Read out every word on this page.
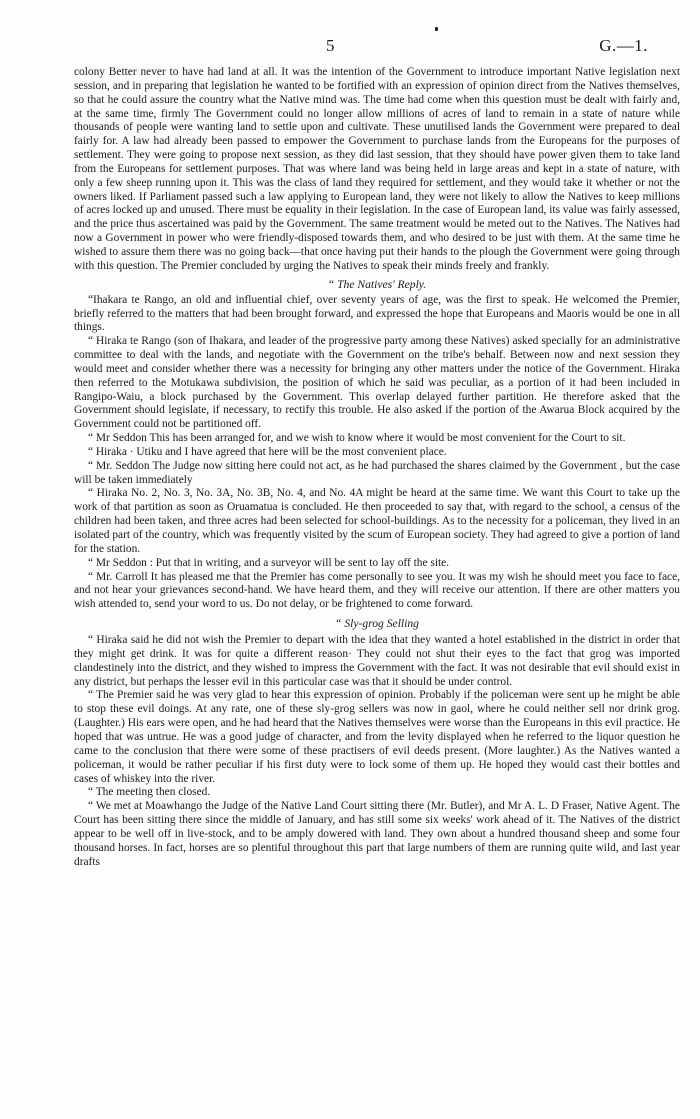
5	G.—1.

colony Better never to have had land at all. It was the intention of the Government to introduce important Native legislation next session, and in preparing that legislation he wanted to be fortified with an expression of opinion direct from the Natives themselves, so that he could assure the country what the Native mind was. The time had come when this question must be dealt with fairly and, at the same time, firmly The Government could no longer allow millions of acres of land to remain in a state of nature while thousands of people were wanting land to settle upon and cultivate. These unutilised lands the Government were prepared to deal fairly for. A law had already been passed to empower the Government to purchase lands from the Europeans for the purposes of settlement. They were going to propose next session, as they did last session, that they should have power given them to take land from the Europeans for settlement purposes. That was where land was being held in large areas and kept in a state of nature, with only a few sheep running upon it. This was the class of land they required for settlement, and they would take it whether or not the owners liked. If Parliament passed such a law applying to European land, they were not likely to allow the Natives to keep millions of acres locked up and unused. There must be equality in their legislation. In the case of European land, its value was fairly assessed, and the price thus ascertained was paid by the Government. The same treatment would be meted out to the Natives. The Natives had now a Government in power who were friendly-disposed towards them, and who desired to be just with them. At the same time he wished to assure them there was no going back—that once having put their hands to the plough the Government were going through with this question. The Premier concluded by urging the Natives to speak their minds freely and frankly.

“ The Natives' Reply.

“Ihakara te Rango, an old and influential chief, over seventy years of age, was the first to speak. He welcomed the Premier, briefly referred to the matters that had been brought forward, and expressed the hope that Europeans and Maoris would be one in all things.

“ Hiraka te Rango (son of Ihakara, and leader of the progressive party among these Natives) asked specially for an administrative committee to deal with the lands, and negotiate with the Government on the tribe's behalf. Between now and next session they would meet and consider whether there was a necessity for bringing any other matters under the notice of the Government. Hiraka then referred to the Motukawa subdivision, the position of which he said was peculiar, as a portion of it had been included in Rangipo-Waiu, a block purchased by the Government. This overlap delayed further partition. He therefore asked that the Government should legislate, if necessary, to rectify this trouble. He also asked if the portion of the Awarua Block acquired by the Government could not be partitioned off.

“ Mr Seddon This has been arranged for, and we wish to know where it would be most convenient for the Court to sit.

“ Hiraka · Utiku and I have agreed that here will be the most convenient place.

“ Mr. Seddon The Judge now sitting here could not act, as he had purchased the shares claimed by the Government , but the case will be taken immediately

“ Hiraka No. 2, No. 3, No. 3A, No. 3B, No. 4, and No. 4A might be heard at the same time. We want this Court to take up the work of that partition as soon as Oruamatua is concluded. He then proceeded to say that, with regard to the school, a census of the children had been taken, and three acres had been selected for school-buildings. As to the necessity for a policeman, they lived in an isolated part of the country, which was frequently visited by the scum of European society. They had agreed to give a portion of land for the station.

“ Mr Seddon : Put that in writing, and a surveyor will be sent to lay off the site.

“ Mr. Carroll It has pleased me that the Premier has come personally to see you. It was my wish he should meet you face to face, and not hear your grievances second-hand. We have heard them, and they will receive our attention. If there are other matters you wish attended to, send your word to us. Do not delay, or be frightened to come forward.

“ Sly-grog Selling

“ Hiraka said he did not wish the Premier to depart with the idea that they wanted a hotel established in the district in order that they might get drink. It was for quite a different reason· They could not shut their eyes to the fact that grog was imported clandestinely into the district, and they wished to impress the Government with the fact. It was not desirable that evil should exist in any district, but perhaps the lesser evil in this particular case was that it should be under control.

“ The Premier said he was very glad to hear this expression of opinion. Probably if the policeman were sent up he might be able to stop these evil doings. At any rate, one of these sly-grog sellers was now in gaol, where he could neither sell nor drink grog. (Laughter.) His ears were open, and he had heard that the Natives themselves were worse than the Europeans in this evil practice. He hoped that was untrue. He was a good judge of character, and from the levity displayed when he referred to the liquor question he came to the conclusion that there were some of these practisers of evil deeds present. (More laughter.) As the Natives wanted a policeman, it would be rather peculiar if his first duty were to lock some of them up. He hoped they would cast their bottles and cases of whiskey into the river.

“ The meeting then closed.

“ We met at Moawhango the Judge of the Native Land Court sitting there (Mr. Butler), and Mr A. L. D Fraser, Native Agent. The Court has been sitting there since the middle of January, and has still some six weeks' work ahead of it. The Natives of the district appear to be well off in live-stock, and to be amply dowered with land. They own about a hundred thousand sheep and some four thousand horses. In fact, horses are so plentiful throughout this part that large numbers of them are running quite wild, and last year drafts
